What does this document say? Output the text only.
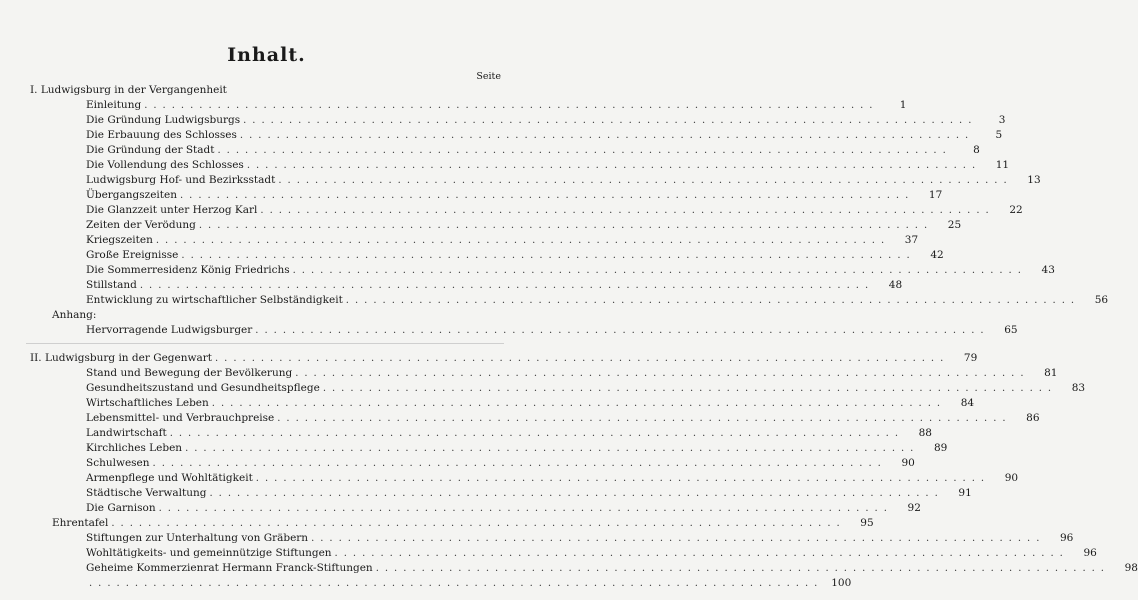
Inhalt.
Seite
I. Ludwigsburg in der Vergangenheit
Einleitung ................................................................................	1
Die Gründung Ludwigsburgs ................................................................................	3
Die Erbauung des Schlosses ................................................................................	5
Die Gründung der Stadt ................................................................................	8
Die Vollendung des Schlosses ................................................................................	11
Ludwigsburg Hof- und Bezirksstadt ................................................................................	13
Übergangszeiten ................................................................................	17
Die Glanzzeit unter Herzog Karl ................................................................................	22
Zeiten der Verödung ................................................................................	25
Kriegszeiten ................................................................................	37
Große Ereignisse ................................................................................	42
Die Sommerresidenz König Friedrichs ................................................................................	43
Stillstand ................................................................................	48
Entwicklung zu wirtschaftlicher Selbständigkeit ................................................................................	56
Anhang:
Hervorragende Ludwigsburger ................................................................................	65
II. Ludwigsburg in der Gegenwart ................................................................................	79
Stand und Bewegung der Bevölkerung ................................................................................	81
Gesundheitszustand und Gesundheitspflege ................................................................................	83
Wirtschaftliches Leben ................................................................................	84
Lebensmittel- und Verbrauchpreise ................................................................................	86
Landwirtschaft ................................................................................	88
Kirchliches Leben ................................................................................	89
Schulwesen ................................................................................	90
Armenpflege und Wohltätigkeit ................................................................................	90
Städtische Verwaltung ................................................................................	91
Die Garnison ................................................................................	92
Ehrentafel ................................................................................	95
Stiftungen zur Unterhaltung von Gräbern ................................................................................	96
Wohltätigkeits- und gemeinnützige Stiftungen ................................................................................	96
Geheime Kommerzienrat Hermann Franck-Stiftungen ................................................................................	98
................................................................................ 100
